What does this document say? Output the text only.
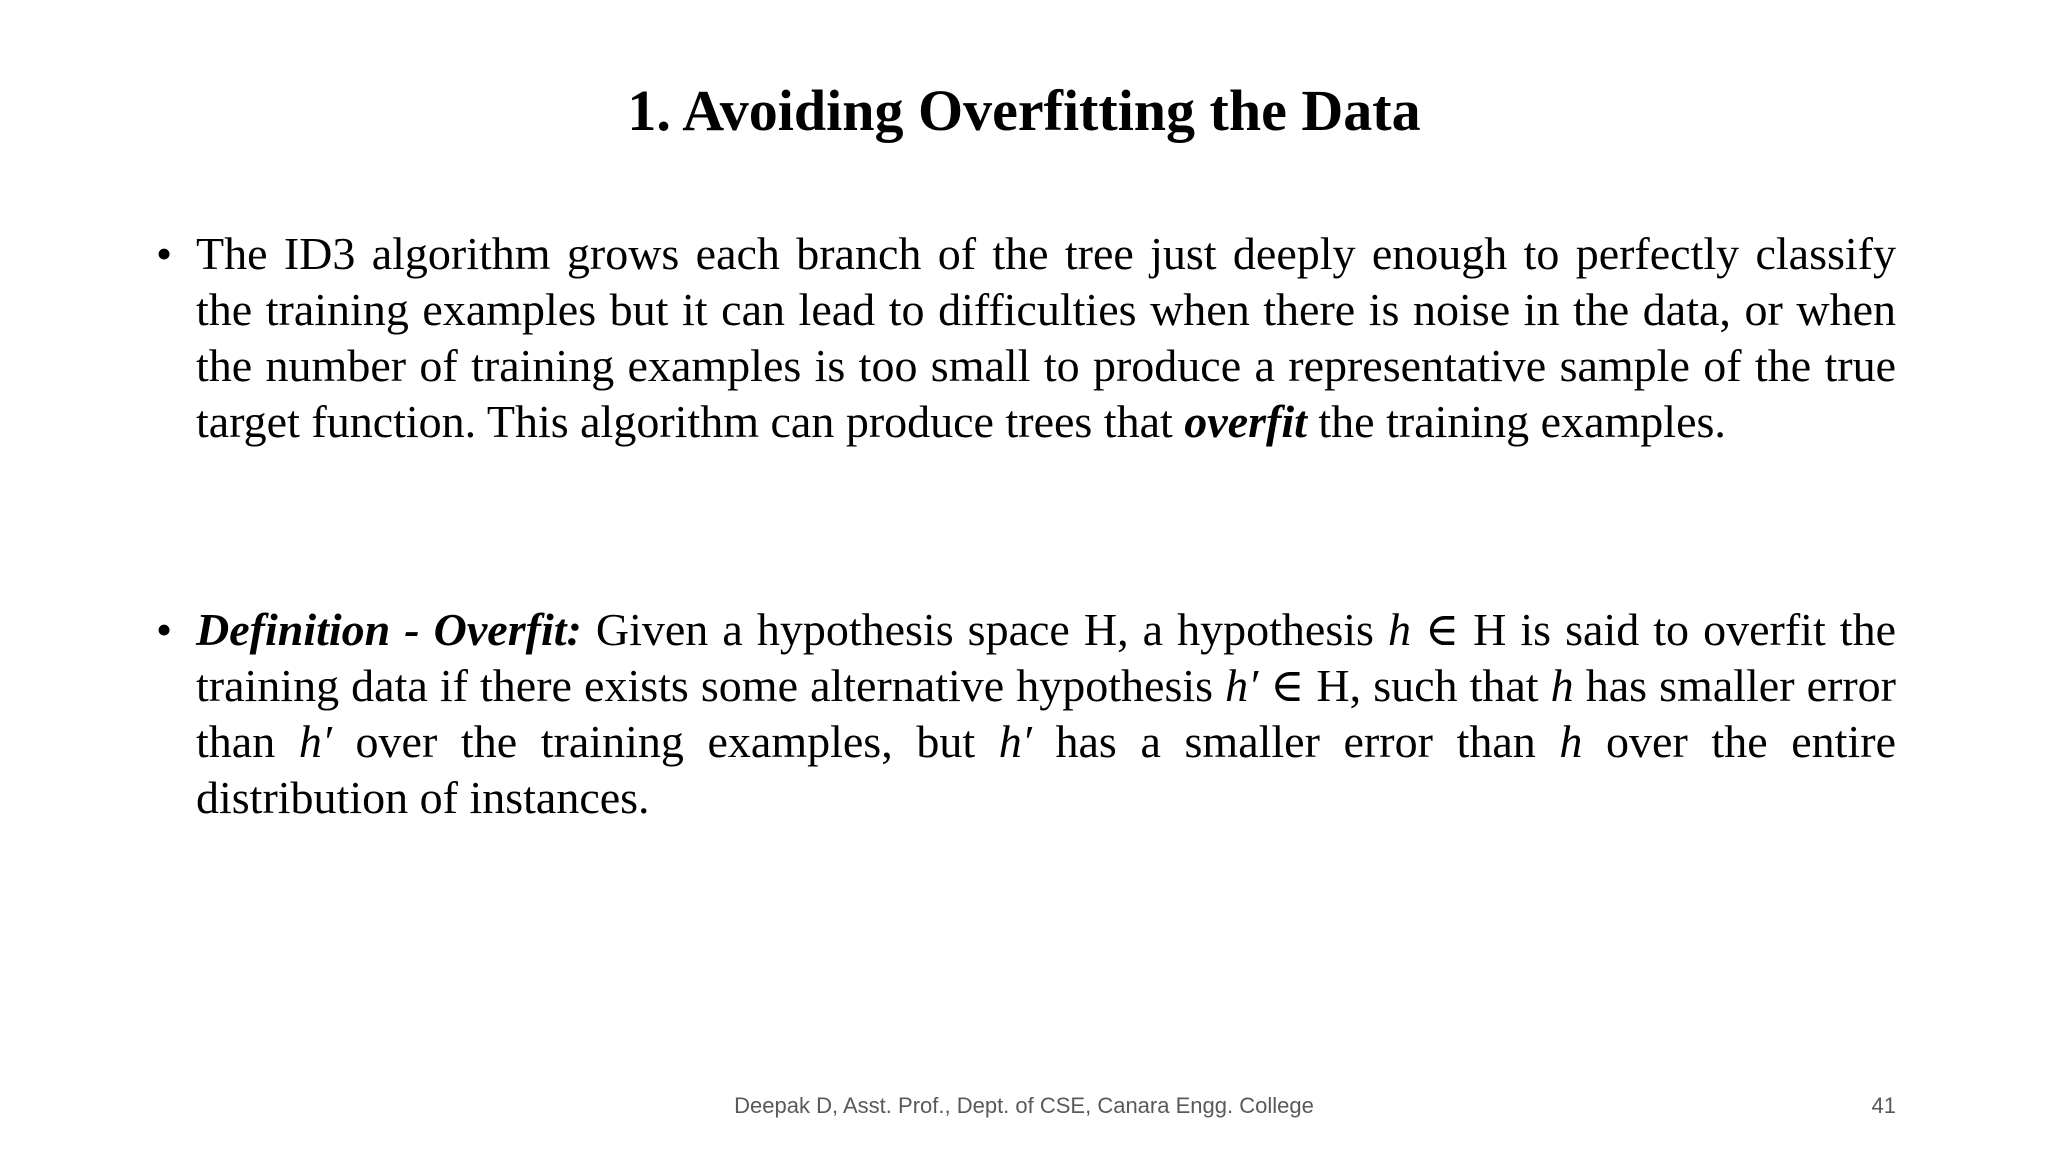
1. Avoiding Overfitting the Data

• The ID3 algorithm grows each branch of the tree just deeply enough to perfectly classify the training examples but it can lead to difficulties when there is noise in the data, or when the number of training examples is too small to produce a representative sample of the true target function. This algorithm can produce trees that overfit the training examples.

• Definition - Overfit: Given a hypothesis space H, a hypothesis h ∈ H is said to overfit the training data if there exists some alternative hypothesis h′ ∈ H, such that h has smaller error than h′ over the training examples, but h′ has a smaller error than h over the entire distribution of instances.

Deepak D, Asst. Prof., Dept. of CSE, Canara Engg. College	41
